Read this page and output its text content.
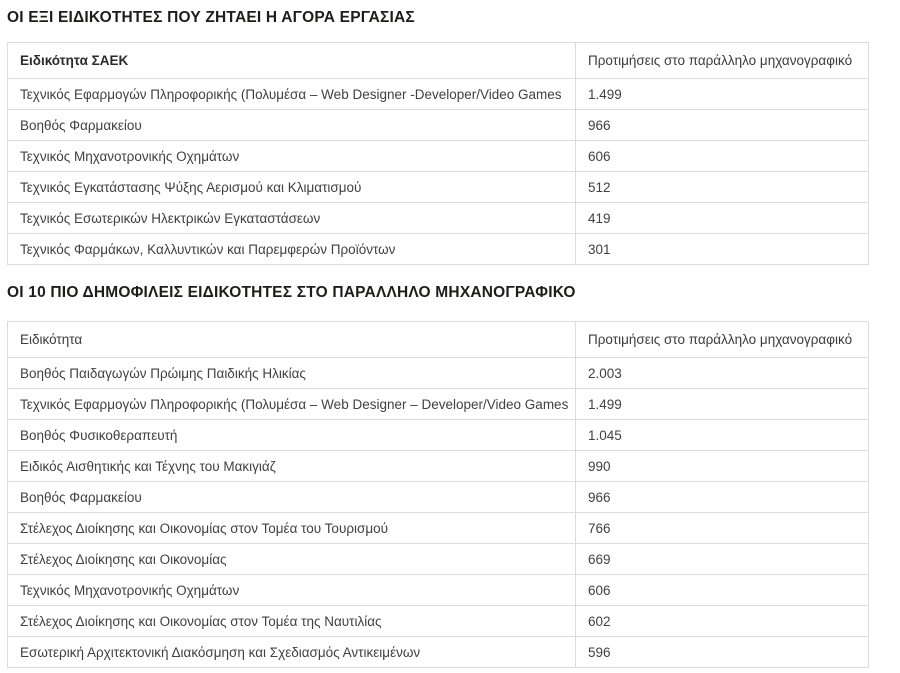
ΟΙ ΕΞΙ ΕΙΔΙΚΟΤΗΤΕΣ ΠΟΥ ΖΗΤΑΕΙ Η ΑΓΟΡΑ ΕΡΓΑΣΙΑΣ
Ειδικότητα ΣΑΕΚ	Προτιμήσεις στο παράλληλο μηχανογραφικό
Τεχνικός Εφαρμογών Πληροφορικής (Πολυμέσα – Web Designer -Developer/Video Games	1.499
Βοηθός Φαρμακείου	966
Τεχνικός Μηχανοτρονικής Οχημάτων	606
Τεχνικός Εγκατάστασης Ψύξης Αερισμού και Κλιματισμού	512
Τεχνικός Εσωτερικών Ηλεκτρικών Εγκαταστάσεων	419
Τεχνικός Φαρμάκων, Καλλυντικών και Παρεμφερών Προϊόντων	301
ΟΙ 10 ΠΙΟ ΔΗΜΟΦΙΛΕΙΣ ΕΙΔΙΚΟΤΗΤΕΣ ΣΤΟ ΠΑΡΑΛΛΗΛΟ ΜΗΧΑΝΟΓΡΑΦΙΚΟ
Ειδικότητα	Προτιμήσεις στο παράλληλο μηχανογραφικό
Βοηθός Παιδαγωγών Πρώιμης Παιδικής Ηλικίας	2.003
Τεχνικός Εφαρμογών Πληροφορικής (Πολυμέσα – Web Designer – Developer/Video Games	1.499
Βοηθός Φυσικοθεραπευτή	1.045
Ειδικός Αισθητικής και Τέχνης του Μακιγιάζ	990
Βοηθός Φαρμακείου	966
Στέλεχος Διοίκησης και Οικονομίας στον Τομέα του Τουρισμού	766
Στέλεχος Διοίκησης και Οικονομίας	669
Τεχνικός Μηχανοτρονικής Οχημάτων	606
Στέλεχος Διοίκησης και Οικονομίας στον Τομέα της Ναυτιλίας	602
Εσωτερική Αρχιτεκτονική Διακόσμηση και Σχεδιασμός Αντικειμένων	596
